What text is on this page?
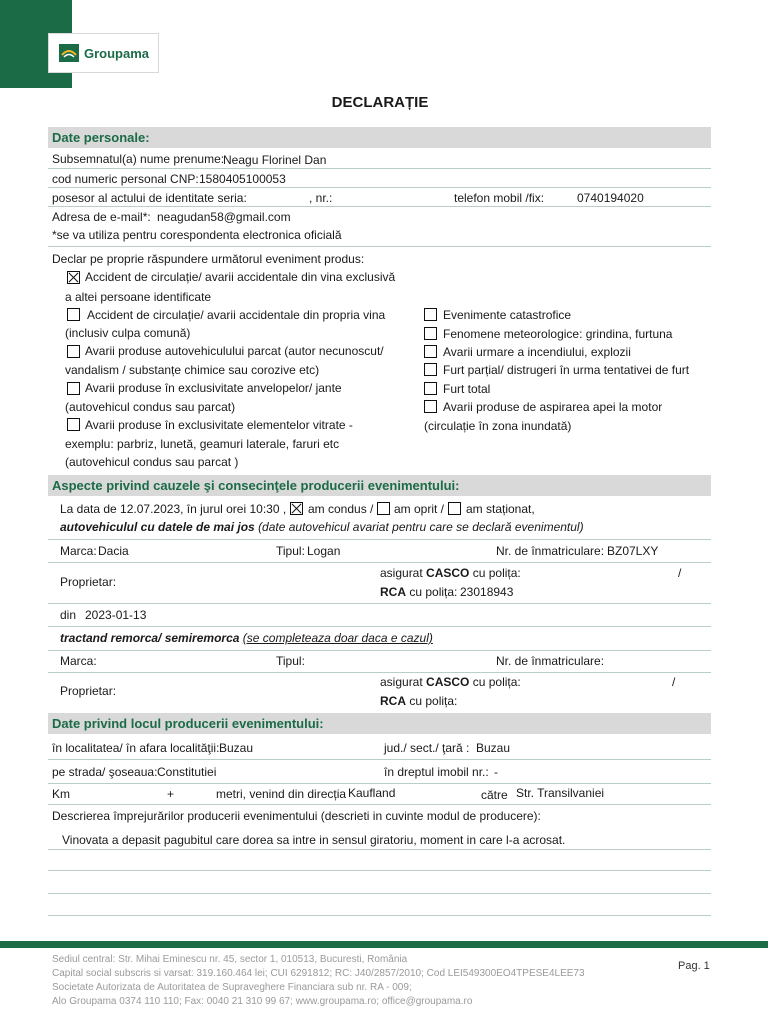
Groupama
DECLARAȚIE
Date personale:
Subsemnatul(a) nume prenume:
Neagu Florinel Dan
cod numeric personal CNP: 1580405100053
posesor al actului de identitate seria:	, nr.:	telefon mobil /fix:	0740194020
Adresa de e-mail*: neagudan58@gmail.com
*se va utiliza pentru corespondenta electronica oficială
Declar pe proprie răspundere următorul eveniment produs:
Accident de circulație/ avarii accidentale din vina exclusivă
a altei persoane identificate
Accident de circulație/ avarii accidentale din propria vina
(inclusiv culpa comună)
Avarii produse autovehiculului parcat (autor necunoscut/
vandalism / substanțe chimice sau corozive etc)
Avarii produse în exclusivitate anvelopelor/ jante
(autovehicul condus sau parcat)
Avarii produse în exclusivitate elementelor vitrate -
exemplu: parbriz, lunetă, geamuri laterale, faruri etc
(autovehicul condus sau parcat )
Evenimente catastrofice
Fenomene meteorologice: grindina, furtuna
Avarii urmare a incendiului, explozii
Furt parțial/ distrugeri în urma tentativei de furt
Furt total
Avarii produse de aspirarea apei la motor
(circulație în zona inundată)
Aspecte privind cauzele şi consecinţele producerii evenimentului:
La data de 12.07.2023, în jurul orei 10:30 , am condus / am oprit / am staționat,
autovehiculul cu datele de mai jos (date autovehicul avariat pentru care se declară evenimentul)
Marca: Dacia	Tipul: Logan	Nr. de înmatriculare: BZ07LXY
Proprietar:
asigurat CASCO cu polița:	/
RCA cu polița: 23018943
din 2023-01-13
tractand remorca/ semiremorca (se completeaza doar daca e cazul)
Marca:	Tipul:	Nr. de înmatriculare:
Proprietar:
asigurat CASCO cu polița:	/
RCA cu polița:
Date privind locul producerii evenimentului:
în localitatea/ în afara localităţii: Buzau	jud./ sect./ ţară : Buzau
pe strada/ şoseaua: Constitutiei	în dreptul imobil nr.: -
Km	+	metri, venind din direcția Kaufland	către Str. Transilvaniei
Descrierea împrejurărilor producerii evenimentului (descrieti in cuvinte modul de producere):
Vinovata a depasit pagubitul care dorea sa intre in sensul giratoriu, moment in care l-a acrosat.
Sediul central: Str. Mihai Eminescu nr. 45, sector 1, 010513, Bucuresti, România
Capital social subscris si varsat: 319.160.464 lei; CUI 6291812; RC: J40/2857/2010; Cod LEI549300EO4TPESE4LEE73
Societate Autorizata de Autoritatea de Supraveghere Financiara sub nr. RA - 009;
Alo Groupama 0374 110 110; Fax: 0040 21 310 99 67; www.groupama.ro; office@groupama.ro
Pag. 1
